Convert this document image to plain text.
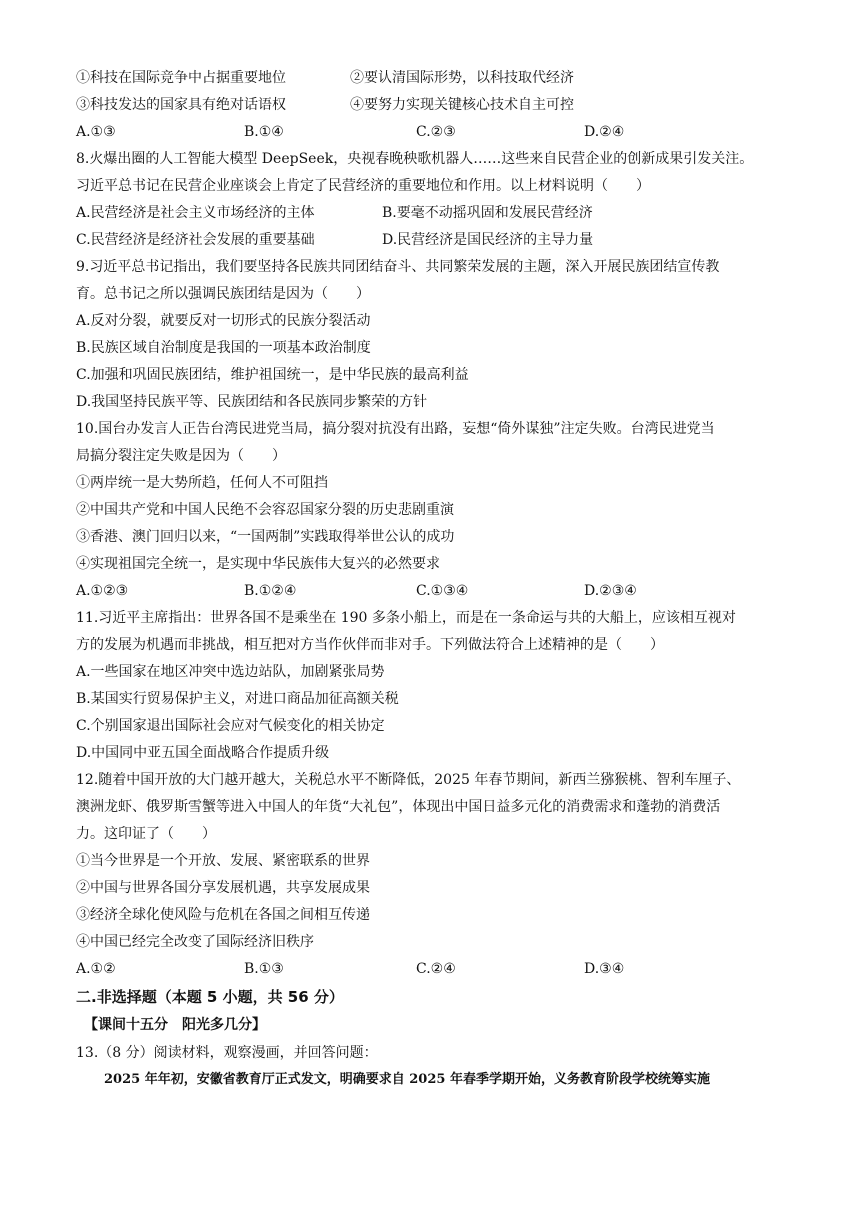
①科技在国际竞争中占据重要地位	②要认清国际形势，以科技取代经济
③科技发达的国家具有绝对话语权	④要努力实现关键核心技术自主可控
A.①③	B.①④	C.②③	D.②④
8.火爆出圈的人工智能大模型 DeepSeek，央视春晚秧歌机器人……这些来自民营企业的创新成果引发关注。
习近平总书记在民营企业座谈会上肯定了民营经济的重要地位和作用。以上材料说明（　　）
A.民营经济是社会主义市场经济的主体	B.要毫不动摇巩固和发展民营经济
C.民营经济是经济社会发展的重要基础	D.民营经济是国民经济的主导力量
9.习近平总书记指出，我们要坚持各民族共同团结奋斗、共同繁荣发展的主题，深入开展民族团结宣传教
育。总书记之所以强调民族团结是因为（　　）
A.反对分裂，就要反对一切形式的民族分裂活动
B.民族区域自治制度是我国的一项基本政治制度
C.加强和巩固民族团结，维护祖国统一，是中华民族的最高利益
D.我国坚持民族平等、民族团结和各民族同步繁荣的方针
10.国台办发言人正告台湾民进党当局，搞分裂对抗没有出路，妄想“倚外谋独”注定失败。台湾民进党当
局搞分裂注定失败是因为（　　）
①两岸统一是大势所趋，任何人不可阻挡
②中国共产党和中国人民绝不会容忍国家分裂的历史悲剧重演
③香港、澳门回归以来，“一国两制”实践取得举世公认的成功
④实现祖国完全统一，是实现中华民族伟大复兴的必然要求
A.①②③	B.①②④	C.①③④	D.②③④
11.习近平主席指出：世界各国不是乘坐在 190 多条小船上，而是在一条命运与共的大船上，应该相互视对
方的发展为机遇而非挑战，相互把对方当作伙伴而非对手。下列做法符合上述精神的是（　　）
A.一些国家在地区冲突中选边站队，加剧紧张局势
B.某国实行贸易保护主义，对进口商品加征高额关税
C.个别国家退出国际社会应对气候变化的相关协定
D.中国同中亚五国全面战略合作提质升级
12.随着中国开放的大门越开越大，关税总水平不断降低，2025 年春节期间，新西兰猕猴桃、智利车厘子、
澳洲龙虾、俄罗斯雪蟹等进入中国人的年货“大礼包”，体现出中国日益多元化的消费需求和蓬勃的消费活
力。这印证了（　　）
①当今世界是一个开放、发展、紧密联系的世界
②中国与世界各国分享发展机遇，共享发展成果
③经济全球化使风险与危机在各国之间相互传递
④中国已经完全改变了国际经济旧秩序
A.①②	B.①③	C.②④	D.③④
二.非选择题（本题 5 小题，共 56 分）
【课间十五分　阳光多几分】
13.（8 分）阅读材料，观察漫画，并回答问题：
2025 年年初，安徽省教育厅正式发文，明确要求自 2025 年春季学期开始，义务教育阶段学校统筹实施
